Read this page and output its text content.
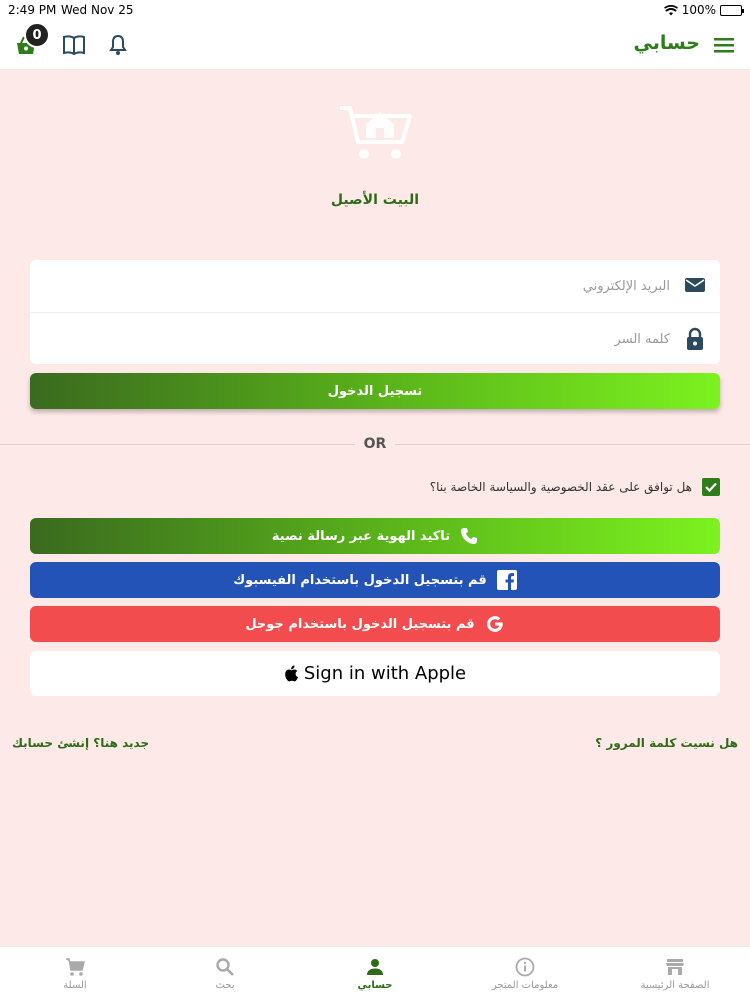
2:49 PM Wed Nov 25	100%
0	حسابي
البيت الأصيل
البريد الإلكتروني
تسجيل الدخول
OR
هل توافق على عقد الخصوصية والسياسة الخاصة بنا؟
تاكيد الهوية عبر رسالة نصية
قم بتسجيل الدخول باستخدام الفيسبوك
قم بتسجيل الدخول باستخدام جوجل
Sign in with Apple
هل نسيت كلمة المرور ؟
جديد هنا؟ إنشئ حسابك
السلة	بحث	حسابي	معلومات المتجر	الصفحة الرئيسية
